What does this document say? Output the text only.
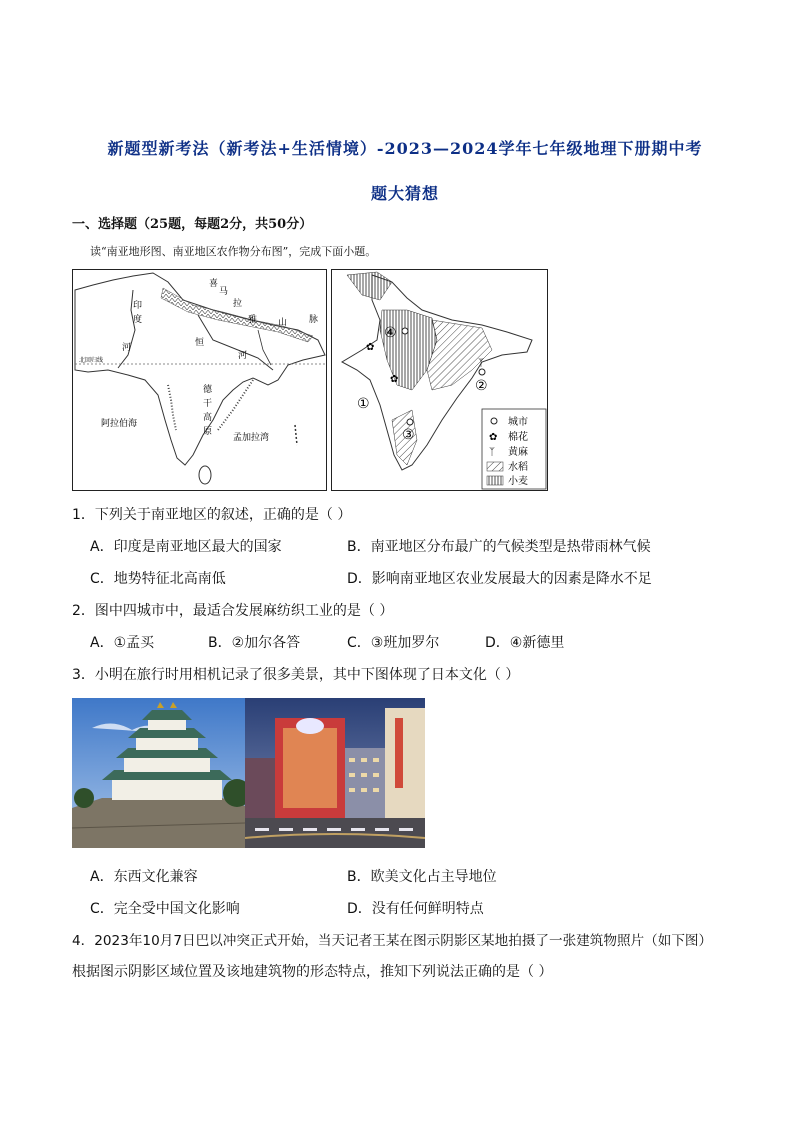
新题型新考法（新考法+生活情境）-2023—2024学年七年级地理下册期中考
题大猜想
一、选择题（25题，每题2分，共50分）
读“南亚地形图、南亚地区农作物分布图”，完成下面小题。
喜
马
拉
雅 山 脉
印
度
河	恒
河
北回归线
德
干
高
原
阿拉伯海
孟加拉湾
④
①
②
③
✿
✿
ᛉ
城市
✿ 棉花
ᛉ 黄麻
水稻
小麦
1．下列关于南亚地区的叙述，正确的是（ ）
A．印度是南亚地区最大的国家	B．南亚地区分布最广的气候类型是热带雨林气候
C．地势特征北高南低	D．影响南亚地区农业发展最大的因素是降水不足
2．图中四城市中，最适合发展麻纺织工业的是（ ）
A．①孟买	B．②加尔各答	C．③班加罗尔	D．④新德里
3．小明在旅行时用相机记录了很多美景，其中下图体现了日本文化（ ）
A．东西文化兼容	B．欧美文化占主导地位
C．完全受中国文化影响	D．没有任何鲜明特点
4．2023年10月7日巴以冲突正式开始，当天记者王某在图示阴影区某地拍摄了一张建筑物照片（如下图）
根据图示阴影区域位置及该地建筑物的形态特点，推知下列说法正确的是（ ）
